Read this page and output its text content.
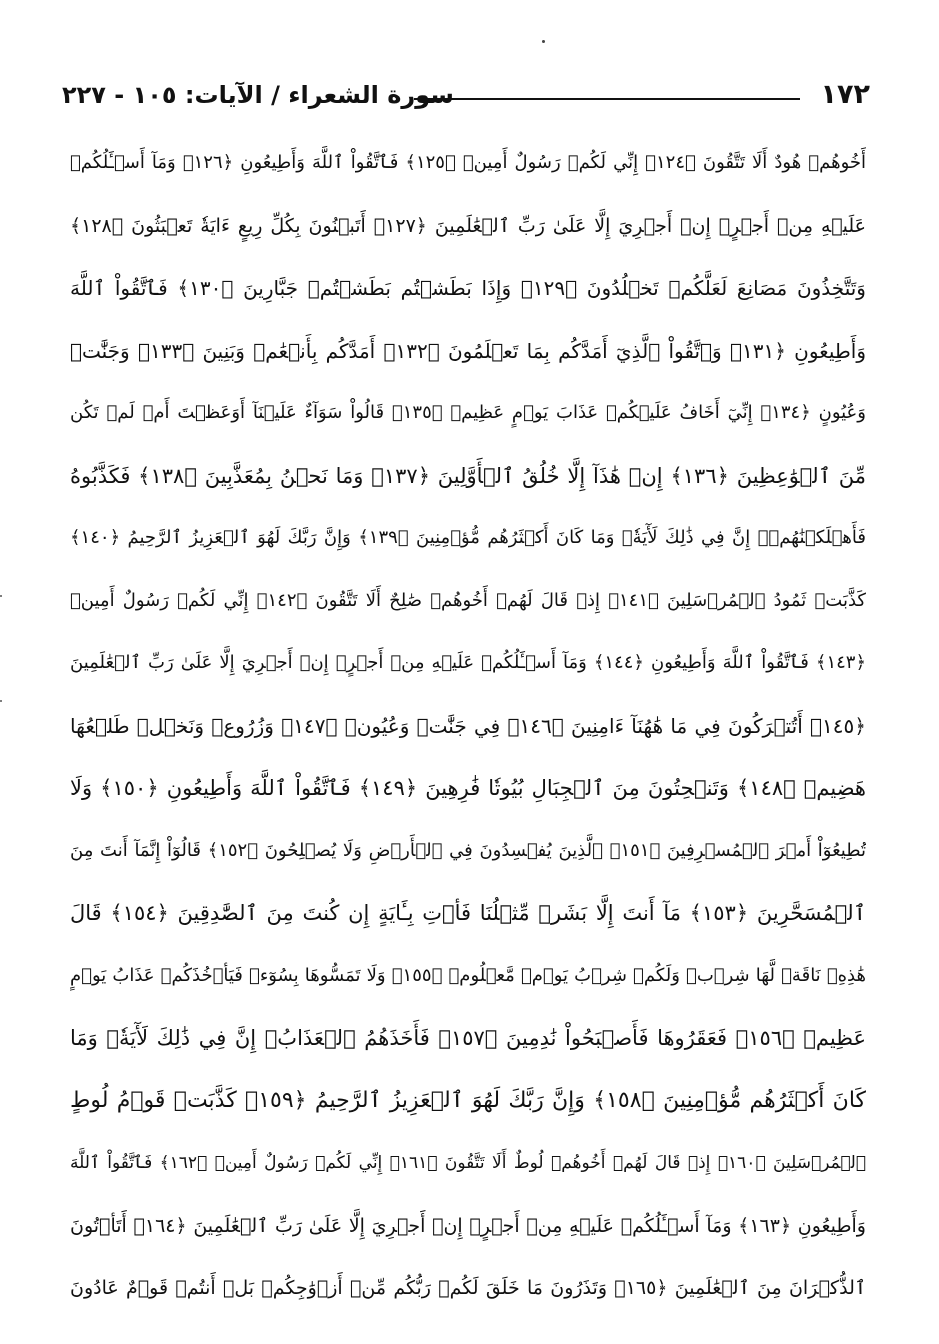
١٧٢
سورة الشعراء / الآيات: ١٠٥ - ٢٢٧
أَخُوهُمۡ هُودٌ أَلَا تَتَّقُونَ ﴿١٢٤﴾ إِنِّي لَكُمۡ رَسُولٌ أَمِينٞ ﴿١٢٥﴾ فَٱتَّقُواْ ٱللَّهَ وَأَطِيعُونِ ﴿١٢٦﴾ وَمَآ أَسۡـَٔلُكُمۡ
عَلَيۡهِ مِنۡ أَجۡرٍۖ إِنۡ أَجۡرِيَ إِلَّا عَلَىٰ رَبِّ ٱلۡعَٰلَمِينَ ﴿١٢٧﴾ أَتَبۡنُونَ بِكُلِّ رِيعٍ ءَايَةٗ تَعۡبَثُونَ ﴿١٢٨﴾
وَتَتَّخِذُونَ مَصَانِعَ لَعَلَّكُمۡ تَخۡلُدُونَ ﴿١٢٩﴾ وَإِذَا بَطَشۡتُم بَطَشۡتُمۡ جَبَّارِينَ ﴿١٣٠﴾ فَٱتَّقُواْ ٱللَّهَ
وَأَطِيعُونِ ﴿١٣١﴾ وَٱتَّقُواْ ٱلَّذِيٓ أَمَدَّكُم بِمَا تَعۡلَمُونَ ﴿١٣٢﴾ أَمَدَّكُم بِأَنۡعَٰمٖ وَبَنِينَ ﴿١٣٣﴾ وَجَنَّٰتٖ
وَعُيُونٍ ﴿١٣٤﴾ إِنِّيٓ أَخَافُ عَلَيۡكُمۡ عَذَابَ يَوۡمٍ عَظِيمٖ ﴿١٣٥﴾ قَالُواْ سَوَآءٌ عَلَيۡنَآ أَوَعَظۡتَ أَمۡ لَمۡ تَكُن
مِّنَ ٱلۡوَٰعِظِينَ ﴿١٣٦﴾ إِنۡ هَٰذَآ إِلَّا خُلُقُ ٱلۡأَوَّلِينَ ﴿١٣٧﴾ وَمَا نَحۡنُ بِمُعَذَّبِينَ ﴿١٣٨﴾ فَكَذَّبُوهُ
فَأَهۡلَكۡنَٰهُمۡۚ إِنَّ فِي ذَٰلِكَ لَأٓيَةٗۖ وَمَا كَانَ أَكۡثَرُهُم مُّؤۡمِنِينَ ﴿١٣٩﴾ وَإِنَّ رَبَّكَ لَهُوَ ٱلۡعَزِيزُ ٱلرَّحِيمُ ﴿١٤٠﴾
كَذَّبَتۡ ثَمُودُ ٱلۡمُرۡسَلِينَ ﴿١٤١﴾ إِذۡ قَالَ لَهُمۡ أَخُوهُمۡ صَٰلِحٌ أَلَا تَتَّقُونَ ﴿١٤٢﴾ إِنِّي لَكُمۡ رَسُولٌ أَمِينٞ
﴿١٤٣﴾ فَٱتَّقُواْ ٱللَّهَ وَأَطِيعُونِ ﴿١٤٤﴾ وَمَآ أَسۡـَٔلُكُمۡ عَلَيۡهِ مِنۡ أَجۡرٍۖ إِنۡ أَجۡرِيَ إِلَّا عَلَىٰ رَبِّ ٱلۡعَٰلَمِينَ
﴿١٤٥﴾ أَتُتۡرَكُونَ فِي مَا هَٰهُنَآ ءَامِنِينَ ﴿١٤٦﴾ فِي جَنَّٰتٖ وَعُيُونٖ ﴿١٤٧﴾ وَزُرُوعٖ وَنَخۡلٖ طَلۡعُهَا
هَضِيمٞ ﴿١٤٨﴾ وَتَنۡحِتُونَ مِنَ ٱلۡجِبَالِ بُيُوتٗا فَٰرِهِينَ ﴿١٤٩﴾ فَٱتَّقُواْ ٱللَّهَ وَأَطِيعُونِ ﴿١٥٠﴾ وَلَا
تُطِيعُوٓاْ أَمۡرَ ٱلۡمُسۡرِفِينَ ﴿١٥١﴾ ٱلَّذِينَ يُفۡسِدُونَ فِي ٱلۡأَرۡضِ وَلَا يُصۡلِحُونَ ﴿١٥٢﴾ قَالُوٓاْ إِنَّمَآ أَنتَ مِنَ
ٱلۡمُسَحَّرِينَ ﴿١٥٣﴾ مَآ أَنتَ إِلَّا بَشَرٞ مِّثۡلُنَا فَأۡتِ بِـَٔايَةٍ إِن كُنتَ مِنَ ٱلصَّٰدِقِينَ ﴿١٥٤﴾ قَالَ
هَٰذِهِۦ نَاقَةٞ لَّهَا شِرۡبٞ وَلَكُمۡ شِرۡبُ يَوۡمٖ مَّعۡلُومٖ ﴿١٥٥﴾ وَلَا تَمَسُّوهَا بِسُوٓءٖ فَيَأۡخُذَكُمۡ عَذَابُ يَوۡمٍ
عَظِيمٖ ﴿١٥٦﴾ فَعَقَرُوهَا فَأَصۡبَحُواْ نَٰدِمِينَ ﴿١٥٧﴾ فَأَخَذَهُمُ ٱلۡعَذَابُۚ إِنَّ فِي ذَٰلِكَ لَأٓيَةٗۖ وَمَا
كَانَ أَكۡثَرُهُم مُّؤۡمِنِينَ ﴿١٥٨﴾ وَإِنَّ رَبَّكَ لَهُوَ ٱلۡعَزِيزُ ٱلرَّحِيمُ ﴿١٥٩﴾ كَذَّبَتۡ قَوۡمُ لُوطٍ
ٱلۡمُرۡسَلِينَ ﴿١٦٠﴾ إِذۡ قَالَ لَهُمۡ أَخُوهُمۡ لُوطٌ أَلَا تَتَّقُونَ ﴿١٦١﴾ إِنِّي لَكُمۡ رَسُولٌ أَمِينٞ ﴿١٦٢﴾ فَٱتَّقُواْ ٱللَّهَ
وَأَطِيعُونِ ﴿١٦٣﴾ وَمَآ أَسۡـَٔلُكُمۡ عَلَيۡهِ مِنۡ أَجۡرٍۖ إِنۡ أَجۡرِيَ إِلَّا عَلَىٰ رَبِّ ٱلۡعَٰلَمِينَ ﴿١٦٤﴾ أَتَأۡتُونَ
ٱلذُّكۡرَانَ مِنَ ٱلۡعَٰلَمِينَ ﴿١٦٥﴾ وَتَذَرُونَ مَا خَلَقَ لَكُمۡ رَبُّكُم مِّنۡ أَزۡوَٰجِكُمۚ بَلۡ أَنتُمۡ قَوۡمٌ عَادُونَ
